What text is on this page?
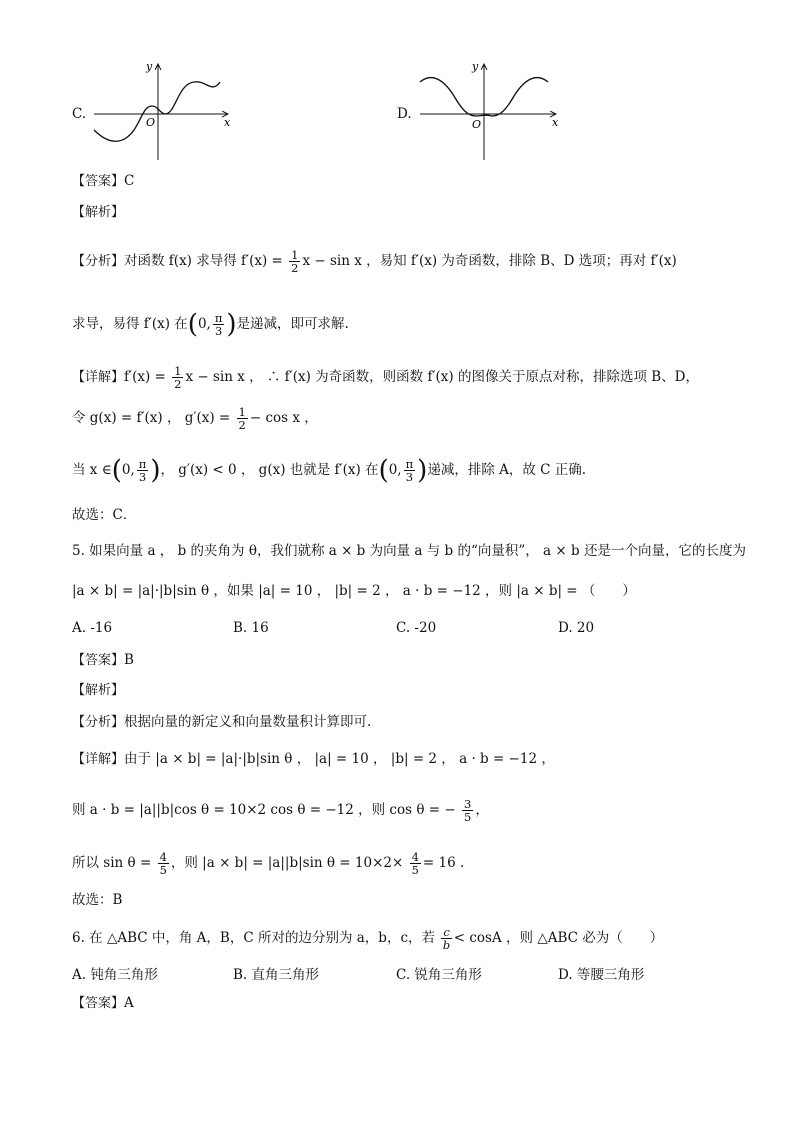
C.
y
x
O
D.
y
x
O
【答案】C
【解析】
【分析】对函数 f(x) 求导得 $f'(x) = \frac{1}{2}$ x − sin x ，易知 f′(x) 为奇函数，排除 B、D 选项；再对 f′(x)
求导，易得 f′(x) 在(0, $\frac{\pi}{3}$ )是递减，即可求解.
【详解】$f'(x) = \frac{1}{2}$ x − sin x ， ∴ f′(x) 为奇函数，则函数 f′(x) 的图像关于原点对称，排除选项 B、D，
令 g(x) = f′(x) ， $g'(x) = \frac{1}{2} - \cos x$ ，
当 x ∈(0, $\frac{\pi}{3}$ )， g′(x) < 0 ， g(x) 也就是 f′(x) 在(0, $\frac{\pi}{3}$ )递减，排除 A，故 C 正确.
故选：C．
5. 如果向量 a ， b 的夹角为 θ，我们就称 a × b 为向量 a 与 b 的“向量积”， a × b 还是一个向量，它的长度为
|a × b| = |a|·|b|sin θ ，如果 |a| = 10 ， |b| = 2 ， a · b = −12 ，则 |a × b| = （　　）
A. -16	B. 16	C. -20	D. 20
【答案】B
【解析】
【分析】根据向量的新定义和向量数量积计算即可.
【详解】由于 |a × b| = |a|·|b|sin θ ， |a| = 10 ， |b| = 2 ， a · b = −12 ，
则 a · b = |a||b|cos θ = 10×2 cos θ = −12 ，则 cos θ = − $\frac{3}{5}$ ，
所以 $\sin \theta = \frac{4}{5}$ ，则 |a × b| = |a||b|sin $\theta = 10\times 2\times \frac{4}{5} = 16$ .
故选：B
6. 在 △ABC 中，角 A，B，C 所对的边分别为 a，b，c，若 $\frac{c}{b} < \cos A$ ，则 △ABC 必为（　　）
A. 钝角三角形	B. 直角三角形	C. 锐角三角形	D. 等腰三角形
【答案】A
